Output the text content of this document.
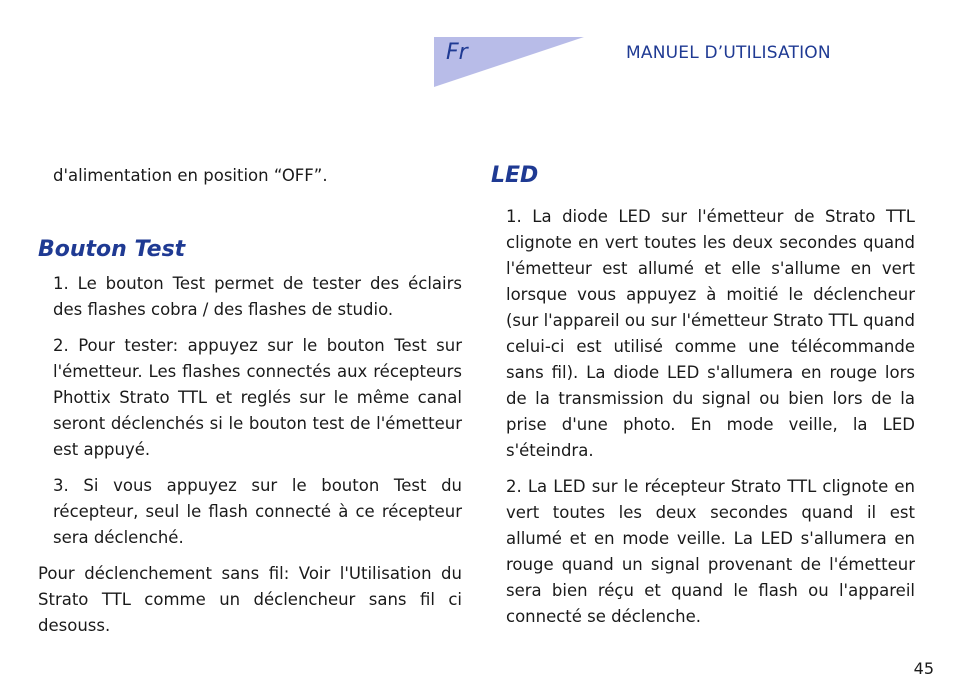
Fr	MANUEL D’UTILISATION

d'alimentation en position “OFF”.

Bouton Test

1. Le bouton Test permet de tester des éclairs des flashes cobra / des flashes de studio.

2. Pour tester: appuyez sur le bouton Test sur l'émetteur. Les flashes connectés aux récepteurs Phottix Strato TTL et reglés sur le même canal seront déclenchés si le bouton test de l'émetteur est appuyé.

3. Si vous appuyez sur le bouton Test du récepteur, seul le flash connecté à ce récepteur sera déclenché.

Pour déclenchement sans fil: Voir l'Utilisation du Strato TTL comme un déclencheur sans fil ci desouss.

LED

1. La diode LED sur l'émetteur de Strato TTL clignote en vert toutes les deux secondes quand l'émetteur est allumé et elle s'allume en vert lorsque vous appuyez à moitié le déclencheur (sur l'appareil ou sur l'émetteur Strato TTL quand celui-ci est utilisé comme une télécommande sans fil). La diode LED s'allumera en rouge lors de la transmission du signal ou bien lors de la prise d'une photo. En mode veille, la LED s'éteindra.

2. La LED sur le récepteur Strato TTL clignote en vert toutes les deux secondes quand il est allumé et en mode veille. La LED s'allumera en rouge quand un signal provenant de l'émetteur sera bien réçu et quand le flash ou l'appareil connecté se déclenche.

45
